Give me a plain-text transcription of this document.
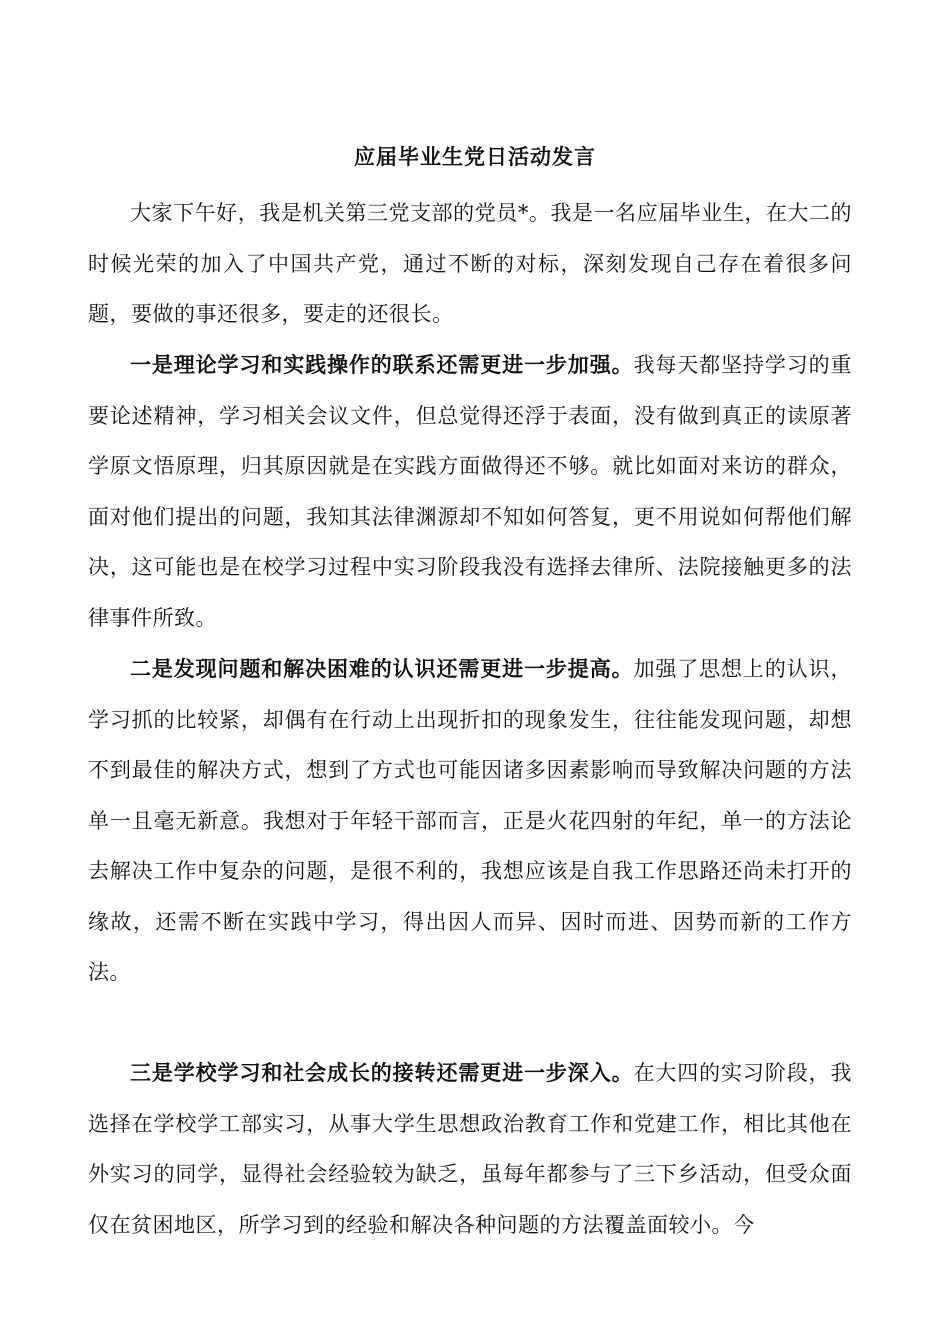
应届毕业生党日活动发言

大家下午好，我是机关第三党支部的党员*。我是一名应届毕业生，在大二的时候光荣的加入了中国共产党，通过不断的对标，深刻发现自己存在着很多问题，要做的事还很多，要走的还很长。

一是理论学习和实践操作的联系还需更进一步加强。我每天都坚持学习的重要论述精神，学习相关会议文件，但总觉得还浮于表面，没有做到真正的读原著学原文悟原理，归其原因就是在实践方面做得还不够。就比如面对来访的群众，面对他们提出的问题，我知其法律渊源却不知如何答复，更不用说如何帮他们解决，这可能也是在校学习过程中实习阶段我没有选择去律所、法院接触更多的法律事件所致。

二是发现问题和解决困难的认识还需更进一步提高。加强了思想上的认识，学习抓的比较紧，却偶有在行动上出现折扣的现象发生，往往能发现问题，却想不到最佳的解决方式，想到了方式也可能因诸多因素影响而导致解决问题的方法单一且毫无新意。我想对于年轻干部而言，正是火花四射的年纪，单一的方法论去解决工作中复杂的问题，是很不利的，我想应该是自我工作思路还尚未打开的缘故，还需不断在实践中学习，得出因人而异、因时而进、因势而新的工作方法。

三是学校学习和社会成长的接转还需更进一步深入。在大四的实习阶段，我选择在学校学工部实习，从事大学生思想政治教育工作和党建工作，相比其他在外实习的同学，显得社会经验较为缺乏，虽每年都参与了三下乡活动，但受众面仅在贫困地区，所学习到的经验和解决各种问题的方法覆盖面较小。今
